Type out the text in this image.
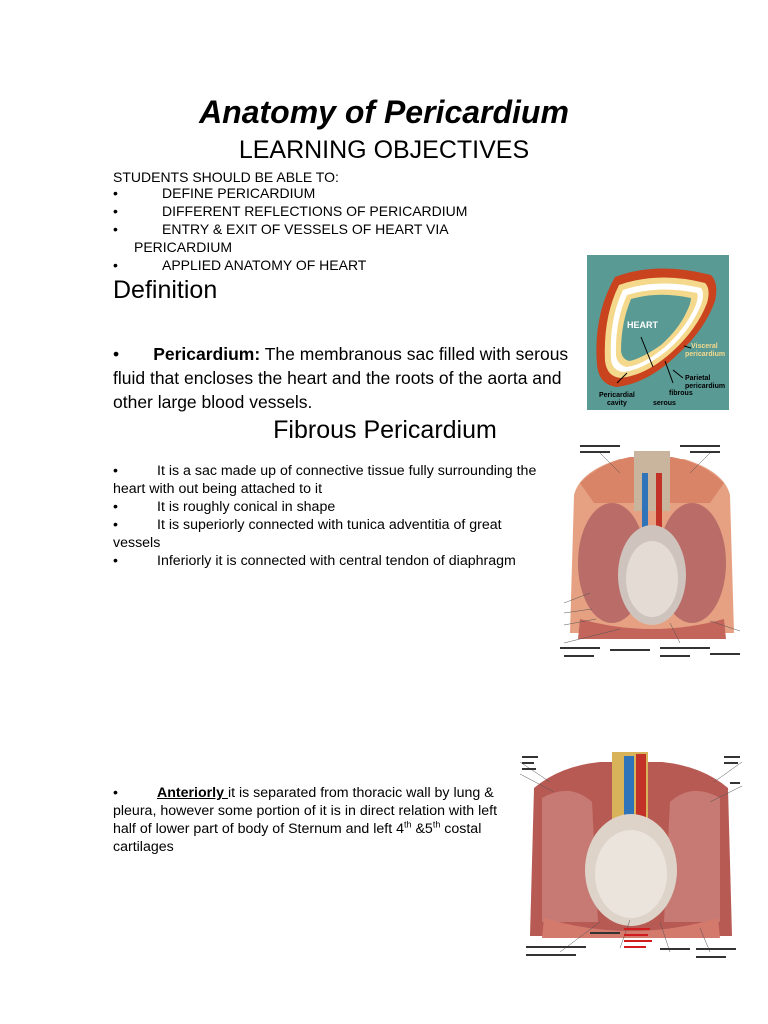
Anatomy of Pericardium
LEARNING OBJECTIVES
STUDENTS SHOULD BE ABLE TO:
•	DEFINE PERICARDIUM
•	DIFFERENT REFLECTIONS OF PERICARDIUM
•	ENTRY & EXIT OF VESSELS OF HEART VIA
PERICARDIUM
•	APPLIED ANATOMY OF HEART
Definition

• Pericardium: The membranous sac filled with serous fluid that encloses the heart and the roots of the aorta and other large blood vessels.

HEART
Visceral
pericardium
Parietal
pericardium
Pericardial
cavity
fibrous
serous
Fibrous Pericardium
•	It is a sac made up of connective tissue fully surrounding the heart with out being attached to it
•	It is roughly conical in shape
•	It is superiorly connected with tunica adventitia of great vessels
•	Inferiorly it is connected with central tendon of diaphragm

•	Anteriorly it is separated from thoracic wall by lung & pleura, however some portion of it is in direct relation with left half of lower part of body of Sternum and left 4th &5th costal cartilages
